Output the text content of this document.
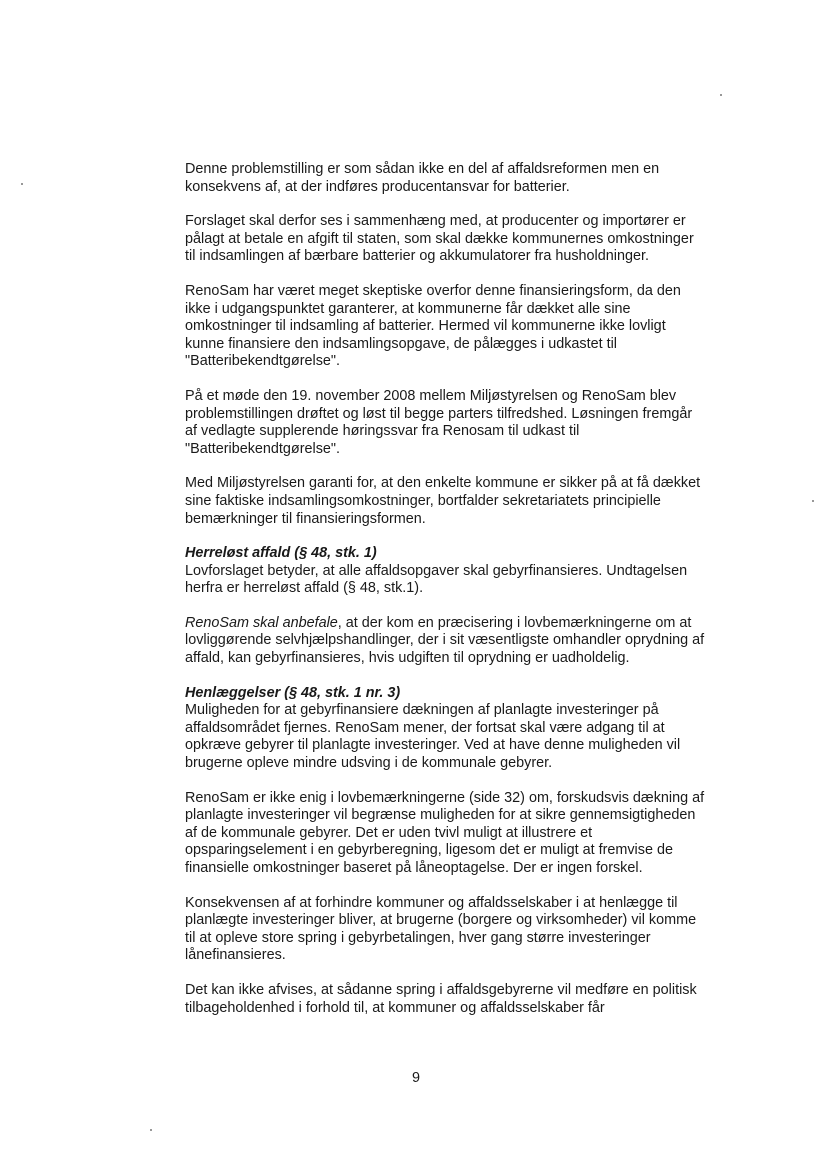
Denne problemstilling er som sådan ikke en del af affaldsreformen men en konsekvens af, at der indføres producentansvar for batterier.

Forslaget skal derfor ses i sammenhæng med, at producenter og importører er pålagt at betale en afgift til staten, som skal dække kommunernes omkostninger til indsamlingen af bærbare batterier og akkumulatorer fra husholdninger.

RenoSam har været meget skeptiske overfor denne finansieringsform, da den ikke i udgangspunktet garanterer, at kommunerne får dækket alle sine omkostninger til indsamling af batterier. Hermed vil kommunerne ikke lovligt kunne finansiere den indsamlingsopgave, de pålægges i udkastet til "Batteribekendtgørelse".

På et møde den 19. november 2008 mellem Miljøstyrelsen og RenoSam blev problemstillingen drøftet og løst til begge parters tilfredshed. Løsningen fremgår af vedlagte supplerende høringssvar fra Renosam til udkast til "Batteribekendtgørelse".

Med Miljøstyrelsen garanti for, at den enkelte kommune er sikker på at få dækket sine faktiske indsamlingsomkostninger, bortfalder sekretariatets principielle bemærkninger til finansieringsformen.

Herreløst affald (§ 48, stk. 1)

Lovforslaget betyder, at alle affaldsopgaver skal gebyrfinansieres. Undtagelsen herfra er herreløst affald (§ 48, stk.1).

RenoSam skal anbefale, at der kom en præcisering i lovbemærkningerne om at lovliggørende selvhjælpshandlinger, der i sit væsentligste omhandler oprydning af affald, kan gebyrfinansieres, hvis udgiften til oprydning er uadholdelig.

Henlæggelser (§ 48, stk. 1 nr. 3)

Muligheden for at gebyrfinansiere dækningen af planlagte investeringer på affaldsområdet fjernes. RenoSam mener, der fortsat skal være adgang til at opkræve gebyrer til planlagte investeringer. Ved at have denne muligheden vil brugerne opleve mindre udsving i de kommunale gebyrer.

RenoSam er ikke enig i lovbemærkningerne (side 32) om, forskudsvis dækning af planlagte investeringer vil begrænse muligheden for at sikre gennemsigtigheden af de kommunale gebyrer. Det er uden tvivl muligt at illustrere et opsparingselement i en gebyrberegning, ligesom det er muligt at fremvise de finansielle omkostninger baseret på låneoptagelse. Der er ingen forskel.

Konsekvensen af at forhindre kommuner og affaldsselskaber i at henlægge til planlægte investeringer bliver, at brugerne (borgere og virksomheder) vil komme til at opleve store spring i gebyrbetalingen, hver gang større investeringer lånefinansieres.

Det kan ikke afvises, at sådanne spring i affaldsgebyrerne vil medføre en politisk tilbageholdenhed i forhold til, at kommuner og affaldsselskaber får

9
